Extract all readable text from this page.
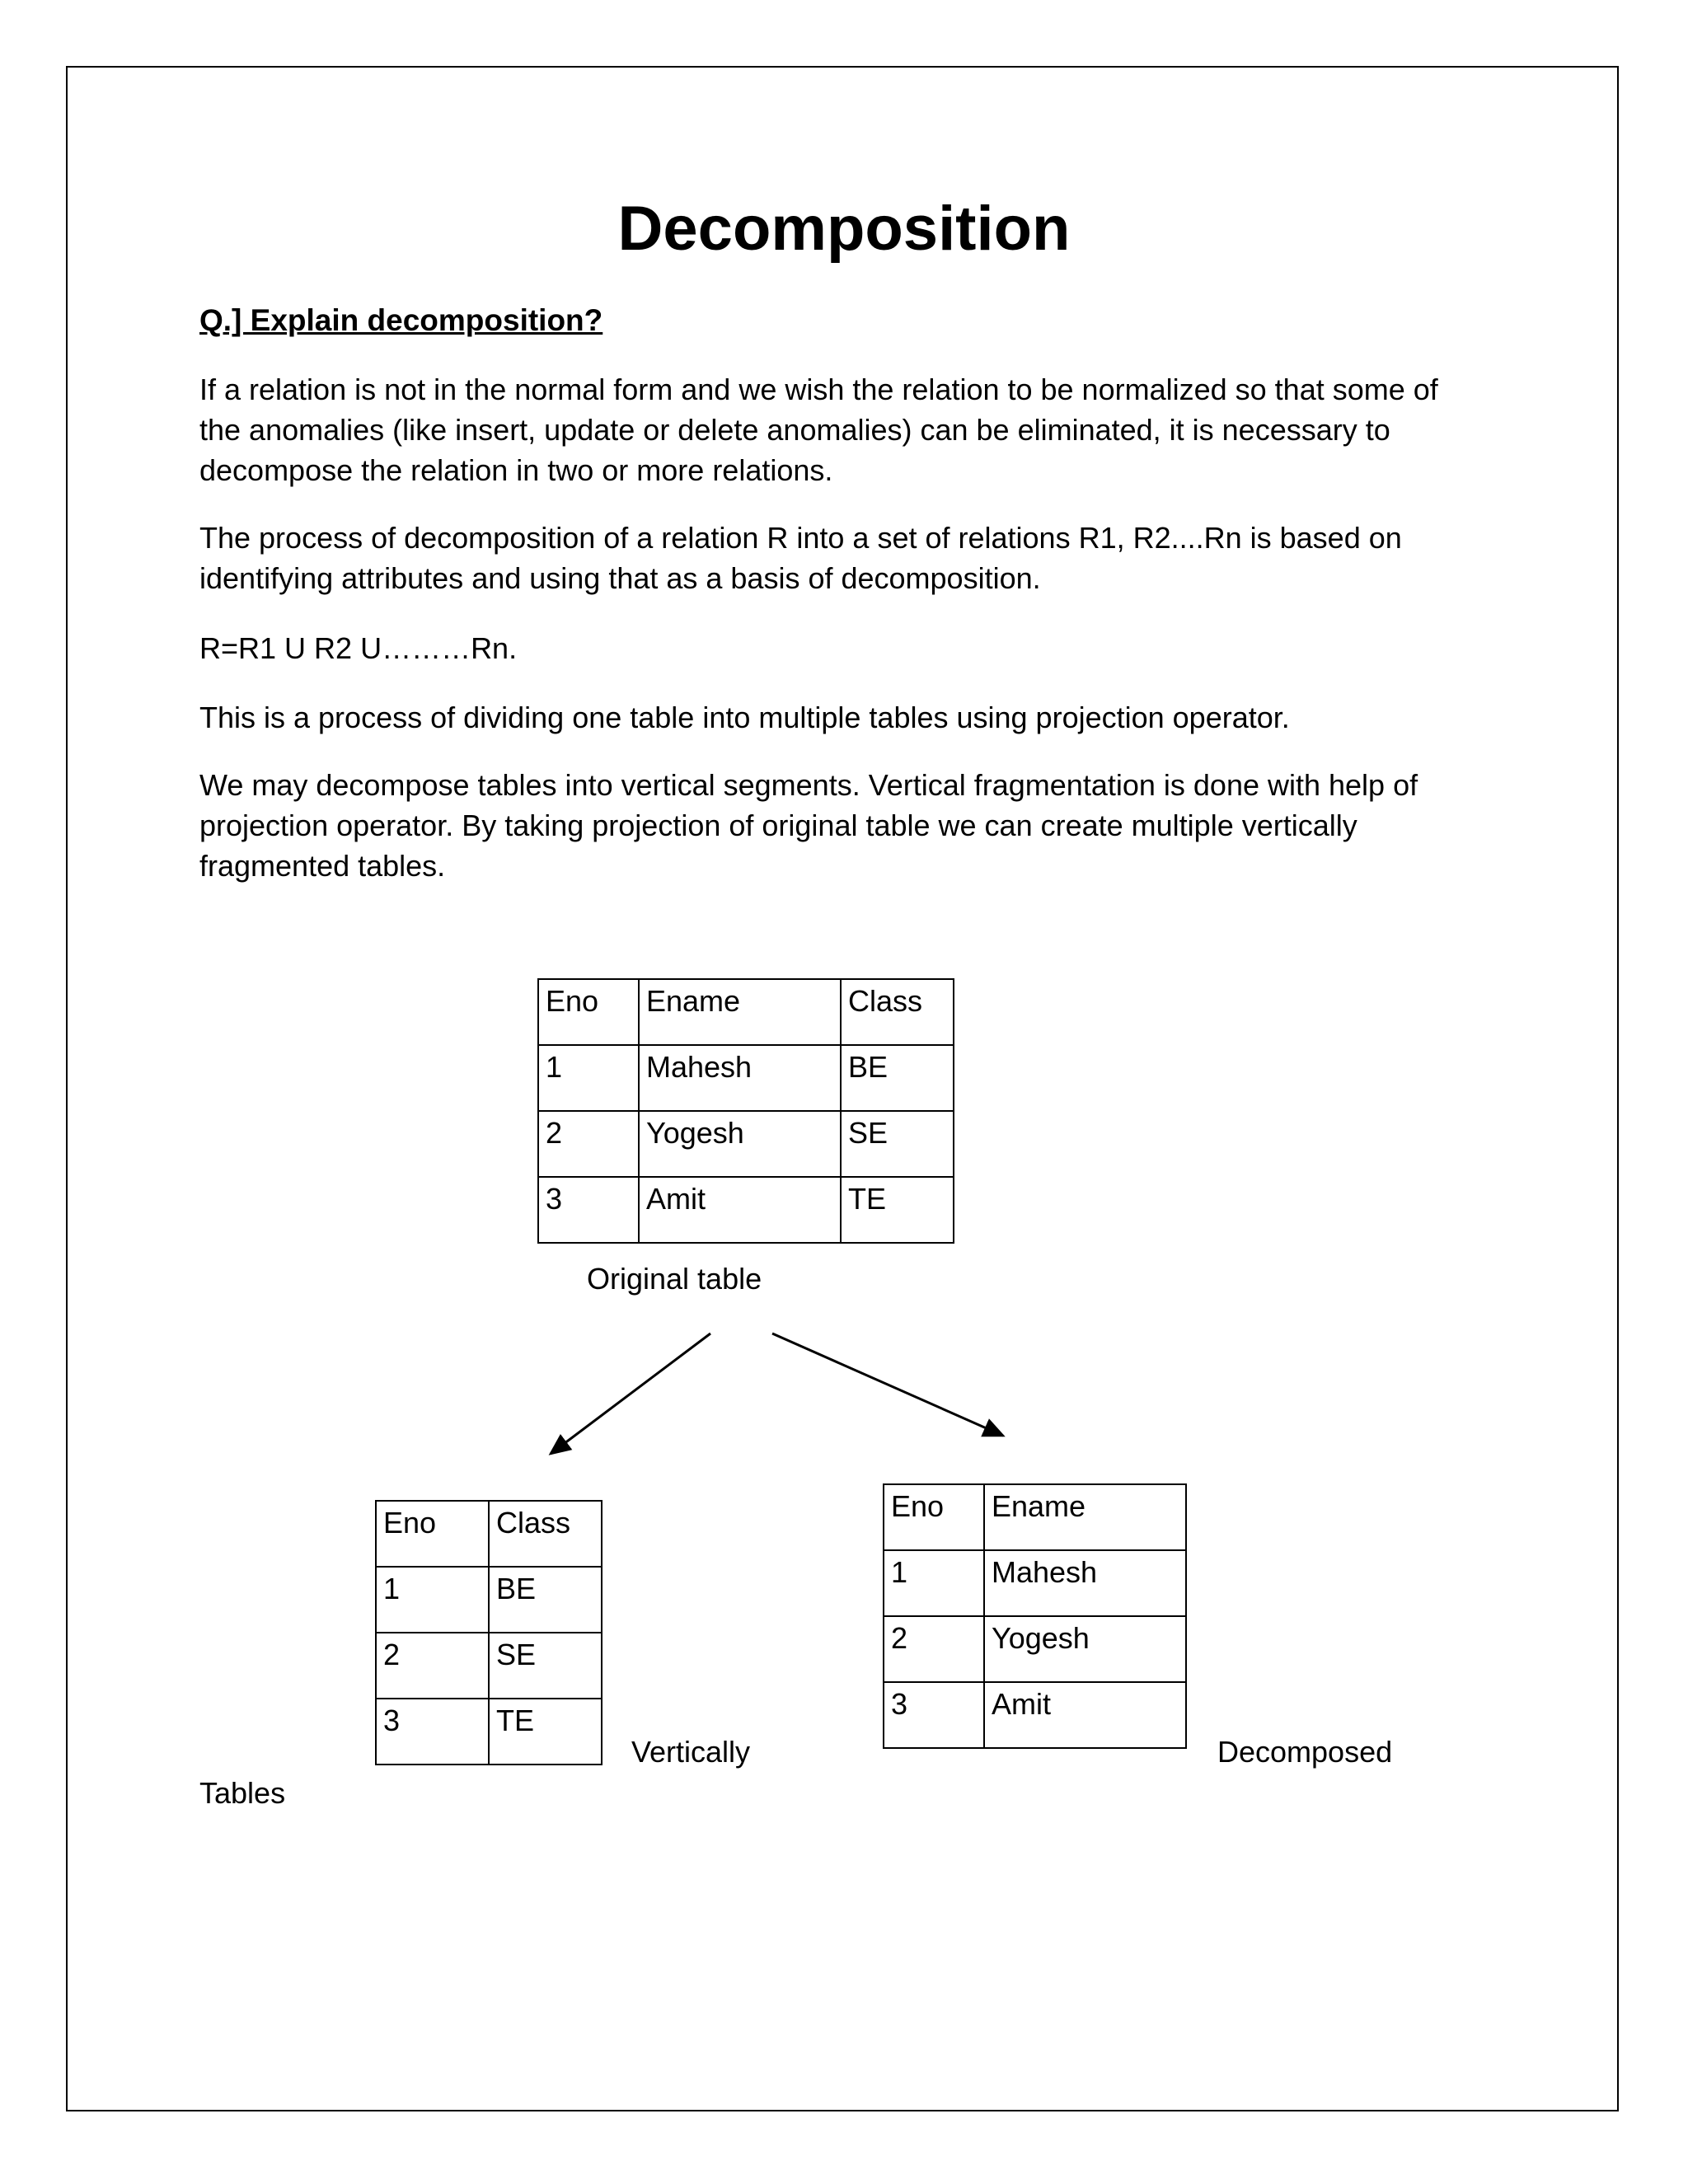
Decomposition

Q.] Explain decomposition?

If a relation is not in the normal form and we wish the relation to be normalized so that some of the anomalies (like insert, update or delete anomalies) can be eliminated, it is necessary to decompose the relation in two or more relations.

The process of decomposition of a relation R into a set of relations R1, R2....Rn is based on identifying attributes and using that as a basis of decomposition.

R=R1 U R2 U………Rn.

This is a process of dividing one table into multiple tables using projection operator.

We may decompose tables into vertical segments. Vertical fragmentation is done with help of projection operator. By taking projection of original table we can create multiple vertically fragmented tables.

Eno	Ename	Class
1	Mahesh	BE
2	Yogesh	SE
3	Amit	TE

Original table

Eno	Class
1	BE
2	SE
3	TE
Eno	Ename
1	Mahesh
2	Yogesh
3	Amit

Vertically	Decomposed

Tables
